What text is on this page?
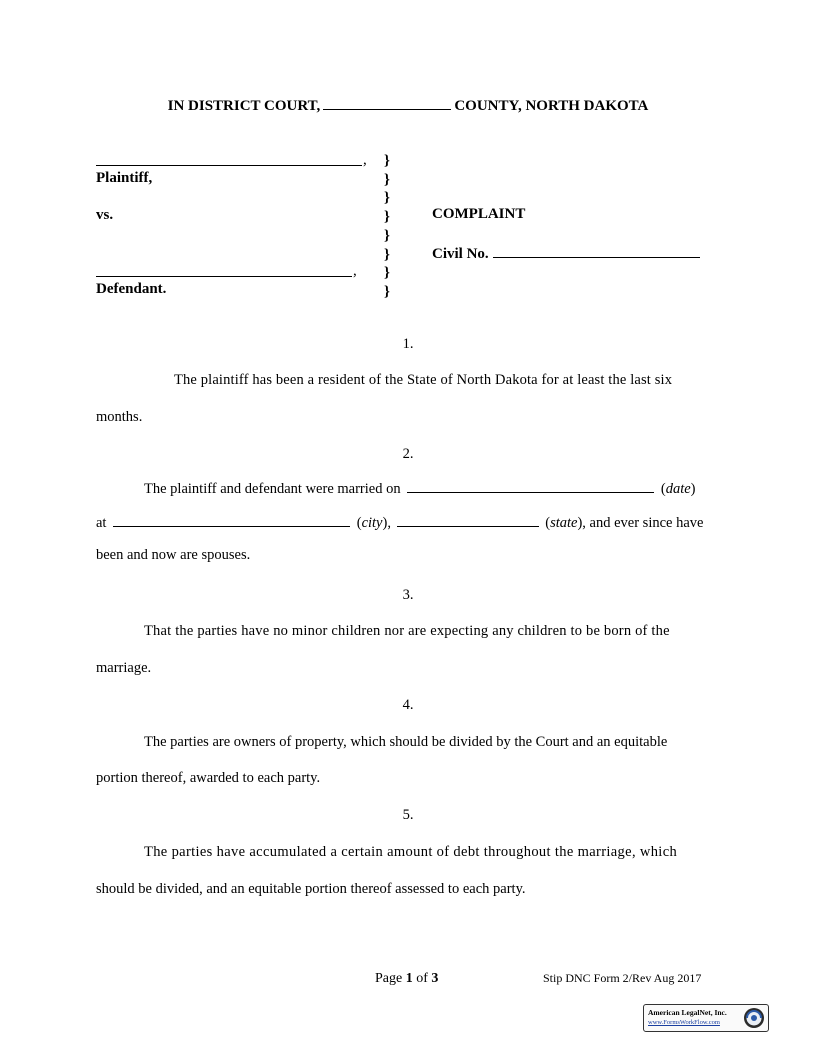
IN DISTRICT COURT,	COUNTY, NORTH DAKOTA
,
Plaintiff,
vs.
,
Defendant.
}
}
}
}
}
}
}
}
COMPLAINT
Civil No.
1.
The plaintiff has been a resident of the State of North Dakota for at least the last six
months.
2.
The plaintiff and defendant were married on	(date)
at	(city),	(state), and ever since have
been and now are spouses.
3.
That the parties have no minor children nor are expecting any children to be born of the
marriage.
4.
The parties are owners of property, which should be divided by the Court and an equitable
portion thereof, awarded to each party.
5.
The parties have accumulated a certain amount of debt throughout the marriage, which
should be divided, and an equitable portion thereof assessed to each party.
Page 1 of 3	Stip DNC Form 2/Rev Aug 2017
American LegalNet, Inc.
www.FormsWorkFlow.com
